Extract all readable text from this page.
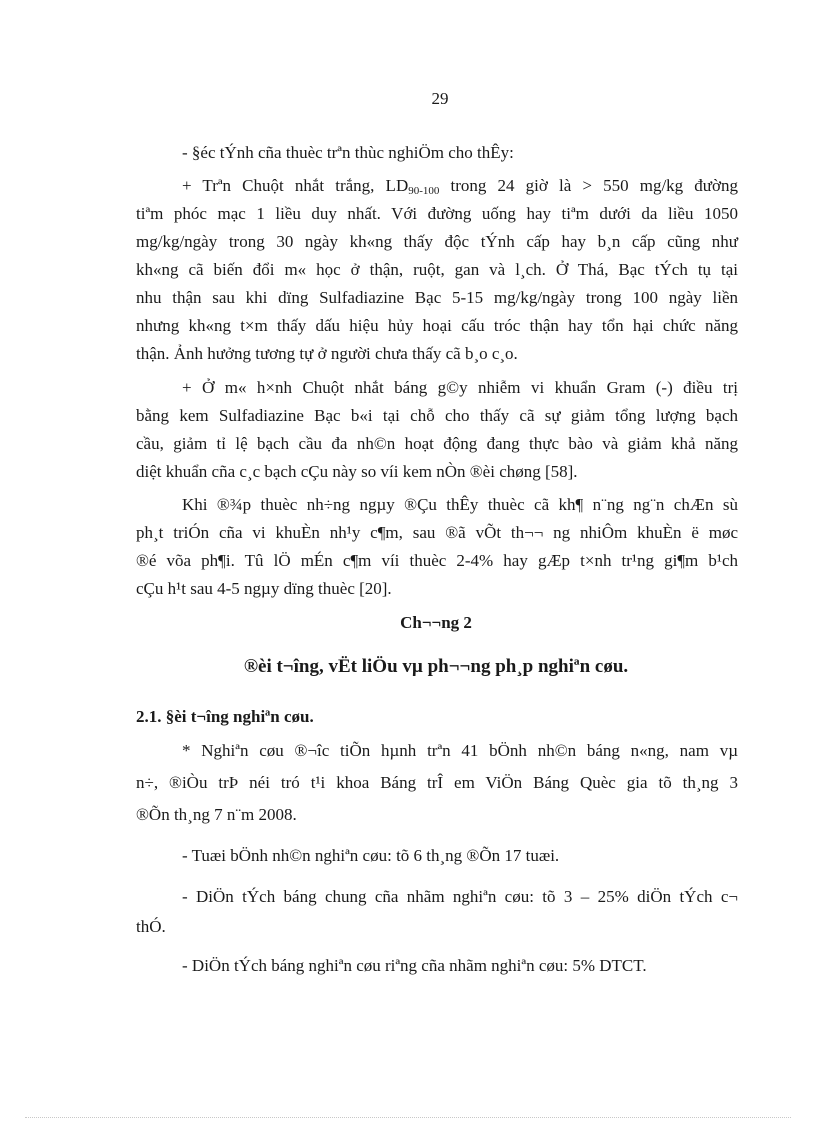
29
- §éc tÝnh cña thuèc trªn thùc nghiÖm cho thÊy:
+ Trªn Chuột nhắt trắng, $LD_{90-100}$ trong 24 giờ là > 550 mg/kg đường
tiªm phóc mạc 1 liều duy nhất. Với đường uống hay tiªm dưới da liều 1050
mg/kg/ngày trong 30 ngày kh«ng thấy độc tÝnh cấp hay b¸n cấp cũng như
kh«ng cã biến đổi m« học ở thận, ruột, gan và l¸ch. Ở Thá, Bạc tÝch tụ tại
nhu thận sau khi dïng Sulfadiazine Bạc 5-15 mg/kg/ngày trong 100 ngày liền
nhưng kh«ng t×m thấy dấu hiệu hủy hoại cấu tróc thận hay tổn hại chức năng
thận. Ảnh hưởng tương tự ở người chưa thấy cã b¸o c¸o.
+ Ở m« h×nh Chuột nhắt báng g©y nhiễm vi khuẩn Gram (-) điều trị
bằng kem Sulfadiazine Bạc b«i tại chỗ cho thấy cã sự giảm tổng lượng bạch
cầu, giảm tỉ lệ bạch cầu đa nh©n hoạt động đang thực bào và giảm khả năng
diệt khuẩn cña c¸c bạch cÇu này so víi kem nÒn ®èi chøng [58].
Khi ®¾p thuèc nh÷ng ngµy ®Çu thÊy thuèc cã kh¶ n¨ng ng¨n chÆn sù
ph¸t triÓn cña vi khuÈn nh¹y c¶m, sau ®ã vÕt th¬¬ ng nhiÔm khuÈn ë møc
®é võa ph¶i. Tû lÖ mÉn c¶m víi thuèc 2-4% hay gÆp t×nh tr¹ng gi¶m b¹ch
cÇu h¹t sau 4-5 ngµy dïng thuèc [20].
Ch¬¬ng 2
®èi t¬îng, vËt liÖu vµ ph¬¬ng ph¸p nghiªn cøu.
2.1. §èi t¬îng nghiªn cøu.
* Nghiªn cøu ®¬îc tiÕn hµnh trªn 41 bÖnh nh©n báng n«ng, nam vµ
n÷, ®iÒu trÞ néi tró t¹i khoa Báng trÎ em ViÖn Báng Quèc gia tõ th¸ng 3
®Õn th¸ng 7 n¨m 2008.
- Tuæi bÖnh nh©n nghiªn cøu: tõ 6 th¸ng ®Õn 17 tuæi.
- DiÖn tÝch báng chung cña nhãm nghiªn cøu: tõ 3 – 25% diÖn tÝch c¬
thÓ.
- DiÖn tÝch báng nghiªn cøu riªng cña nhãm nghiªn cøu: 5% DTCT.
